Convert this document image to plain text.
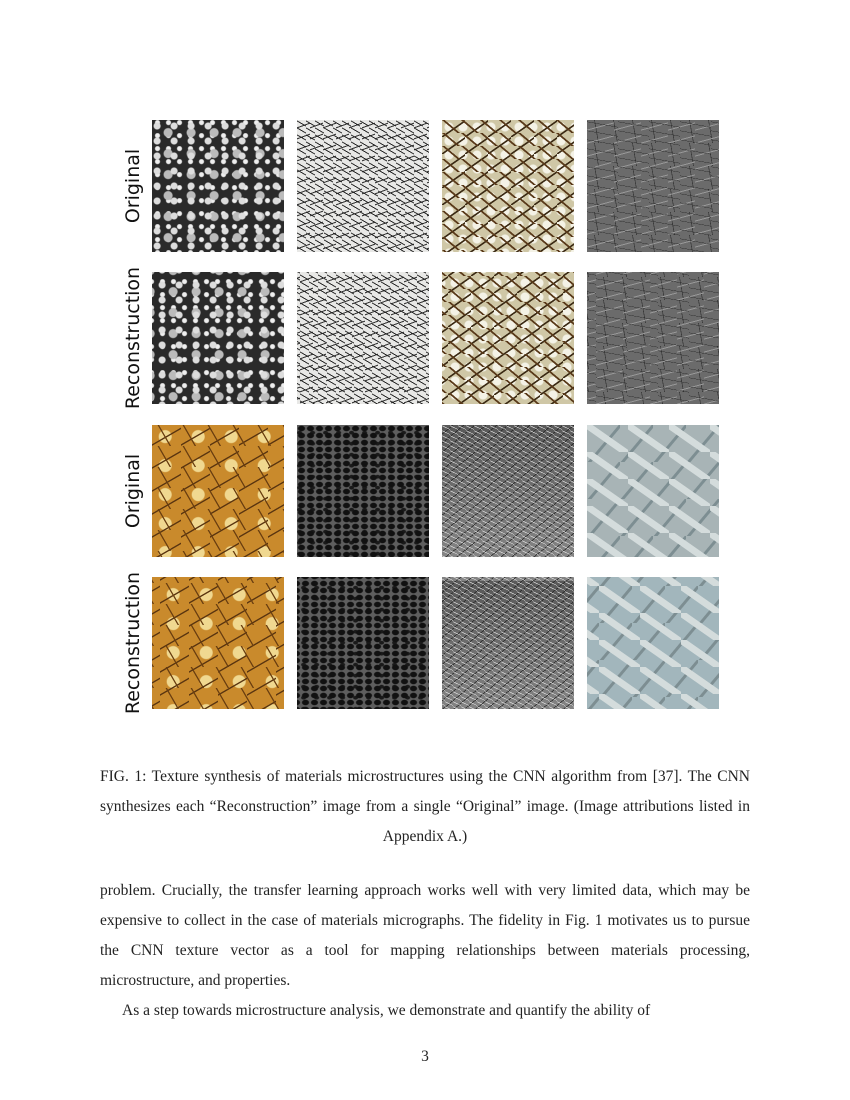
Original
Reconstruction
Original
Reconstruction

FIG. 1: Texture synthesis of materials microstructures using the CNN algorithm from [37]. The CNN synthesizes each “Reconstruction” image from a single “Original” image. (Image attributions listed in Appendix A.)

problem. Crucially, the transfer learning approach works well with very limited data, which may be expensive to collect in the case of materials micrographs. The fidelity in Fig. 1 motivates us to pursue the CNN texture vector as a tool for mapping relationships between materials processing, microstructure, and properties.

As a step towards microstructure analysis, we demonstrate and quantify the ability of

3
